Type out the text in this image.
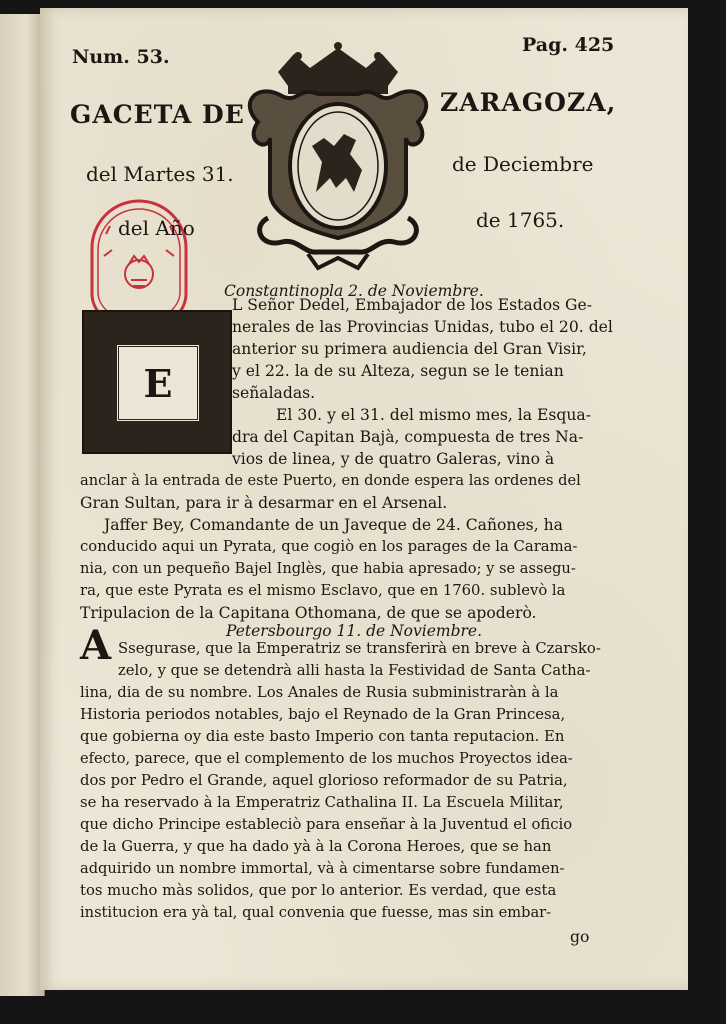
Num. 53.
Pag. 425
GACETA DE	ZARAGOZA,
del Martes 31.	de Deciembre
del Año	de 1765.
E
Constantinopla 2. de Noviembre.
L Señor Dedel, Embajador de los Estados Ge-
nerales de las Provincias Unidas, tubo el 20. del
anterior su primera audiencia del Gran Visir,
y el 22. la de su Alteza, segun se le tenian
señaladas.
El 30. y el 31. del mismo mes, la Esqua-
dra del Capitan Bajà, compuesta de tres Na-
vios de linea, y de quatro Galeras, vino à
anclar à la entrada de este Puerto, en donde espera las ordenes del
Gran Sultan, para ir à desarmar en el Arsenal.
Jaffer Bey, Comandante de un Javeque de 24. Cañones, ha
conducido aqui un Pyrata, que cogiò en los parages de la Carama-
nia, con un pequeño Bajel Inglès, que habia apresado; y se assegu-
ra, que este Pyrata es el mismo Esclavo, que en 1760. sublevò la
Tripulacion de la Capitana Othomana, de que se apoderò.
Petersbourgo 11. de Noviembre.
A Ssegurase, que la Emperatriz se transferirà en breve à Czarsko-
zelo, y que se detendrà alli hasta la Festividad de Santa Catha-
lina, dia de su nombre. Los Anales de Rusia subministraràn à la
Historia periodos notables, bajo el Reynado de la Gran Princesa,
que gobierna oy dia este basto Imperio con tanta reputacion. En
efecto, parece, que el complemento de los muchos Proyectos idea-
dos por Pedro el Grande, aquel glorioso reformador de su Patria,
se ha reservado à la Emperatriz Cathalina II. La Escuela Militar,
que dicho Principe estableciò para enseñar à la Juventud el oficio
de la Guerra, y que ha dado yà à la Corona Heroes, que se han
adquirido un nombre immortal, và à cimentarse sobre fundamen-
tos mucho màs solidos, que por lo anterior. Es verdad, que esta
institucion era yà tal, qual convenia que fuesse, mas sin embar-
go
